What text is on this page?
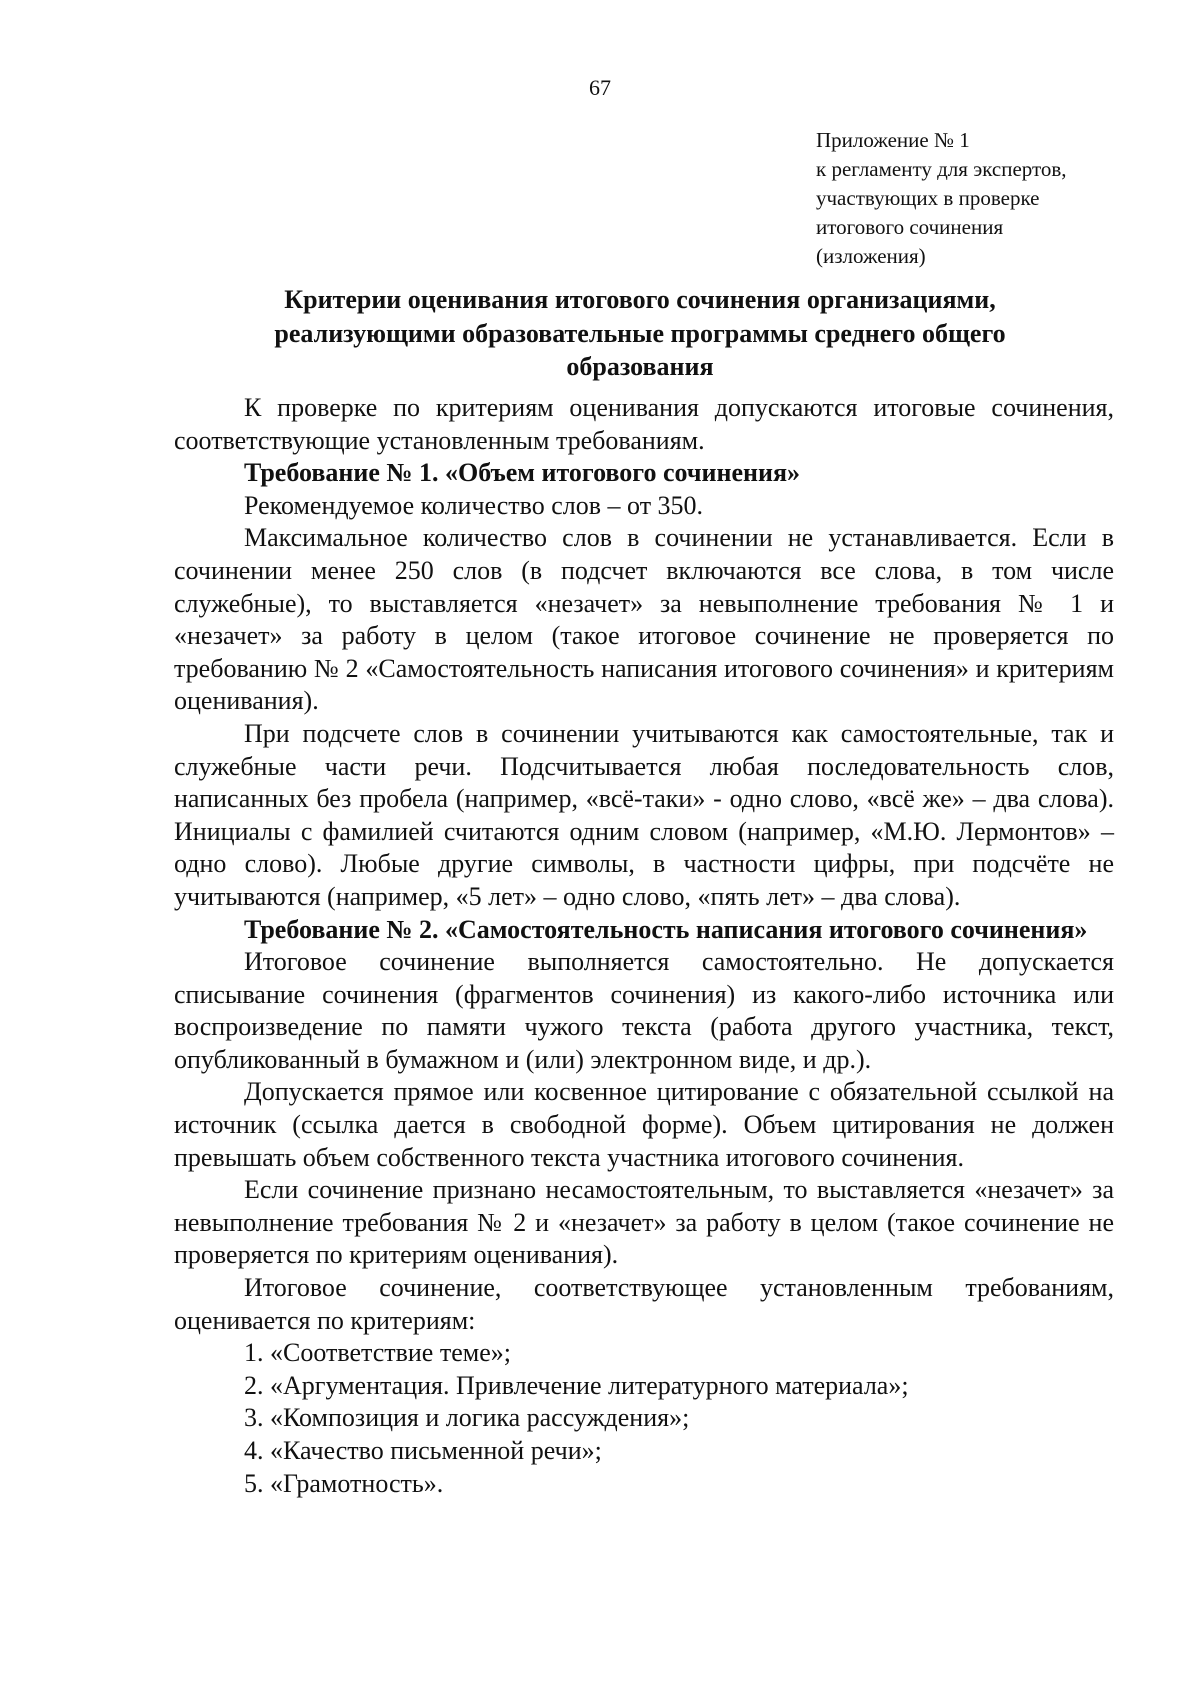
67
Приложение № 1
к регламенту для экспертов,
участвующих в проверке
итогового сочинения
(изложения)
Критерии оценивания итогового сочинения организациями,
реализующими образовательные программы среднего общего
образования

К проверке по критериям оценивания допускаются итоговые сочинения, соответствующие установленным требованиям.

Требование № 1. «Объем итогового сочинения»

Рекомендуемое количество слов – от 350.

Максимальное количество слов в сочинении не устанавливается. Если в сочинении менее 250 слов (в подсчет включаются все слова, в том числе служебные), то выставляется «незачет» за невыполнение требования № 1 и «незачет» за работу в целом (такое итоговое сочинение не проверяется по требованию № 2 «Самостоятельность написания итогового сочинения» и критериям оценивания).

При подсчете слов в сочинении учитываются как самостоятельные, так и служебные части речи. Подсчитывается любая последовательность слов, написанных без пробела (например, «всё-таки» - одно слово, «всё же» – два слова). Инициалы с фамилией считаются одним словом (например, «М.Ю. Лермонтов» – одно слово). Любые другие символы, в частности цифры, при подсчёте не учитываются (например, «5 лет» – одно слово, «пять лет» – два слова).

Требование № 2. «Самостоятельность написания итогового сочинения»

Итоговое сочинение выполняется самостоятельно. Не допускается списывание сочинения (фрагментов сочинения) из какого-либо источника или воспроизведение по памяти чужого текста (работа другого участника, текст, опубликованный в бумажном и (или) электронном виде, и др.).

Допускается прямое или косвенное цитирование с обязательной ссылкой на источник (ссылка дается в свободной форме). Объем цитирования не должен превышать объем собственного текста участника итогового сочинения.

Если сочинение признано несамостоятельным, то выставляется «незачет» за невыполнение требования № 2 и «незачет» за работу в целом (такое сочинение не проверяется по критериям оценивания).

Итоговое сочинение, соответствующее установленным требованиям, оценивается по критериям:

1. «Соответствие теме»;

2. «Аргументация. Привлечение литературного материала»;

3. «Композиция и логика рассуждения»;

4. «Качество письменной речи»;

5. «Грамотность».
